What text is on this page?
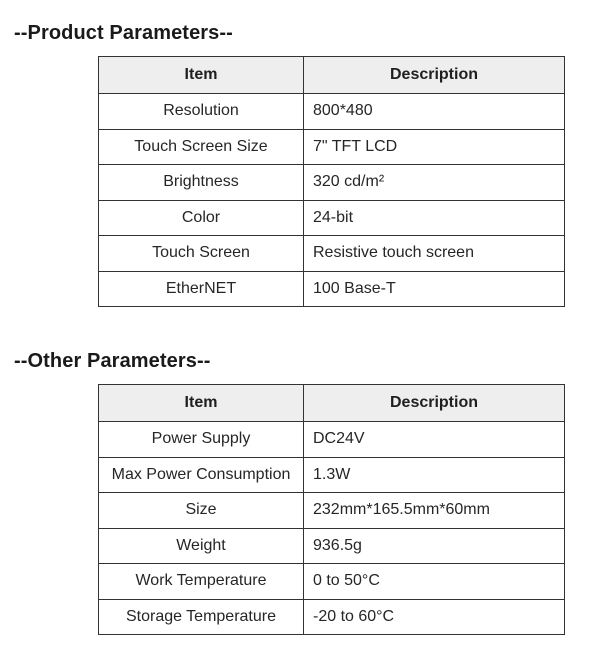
--Product Parameters--
Item	Description
Resolution	800*480
Touch Screen Size	7" TFT LCD
Brightness	320 cd/m²
Color	24-bit
Touch Screen	Resistive touch screen
EtherNET	100 Base-T
--Other Parameters--
Item	Description
Power Supply	DC24V
Max Power Consumption	1.3W
Size	232mm*165.5mm*60mm
Weight	936.5g
Work Temperature	0 to 50°C
Storage Temperature	-20 to 60°C
